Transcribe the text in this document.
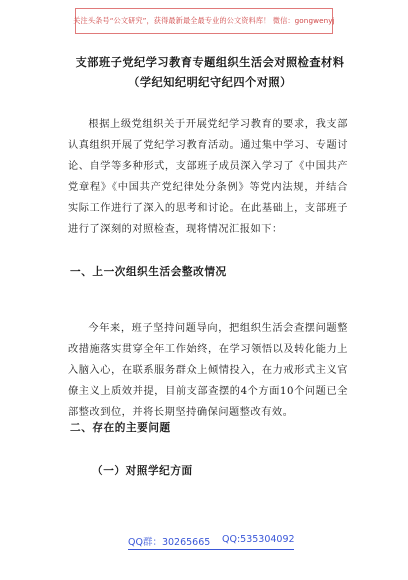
关注头条号“公文研究”，获得最新最全最专业的公文资料库！ 微信：gongwenyj
支部班子党纪学习教育专题组织生活会对照检查材料（学纪知纪明纪守纪四个对照）
根据上级党组织关于开展党纪学习教育的要求，我支部认真组织开展了党纪学习教育活动。通过集中学习、专题讨论、自学等多种形式，支部班子成员深入学习了《中国共产党章程》《中国共产党纪律处分条例》等党内法规，并结合实际工作进行了深入的思考和讨论。在此基础上，支部班子进行了深刻的对照检查，现将情况汇报如下：
一、上一次组织生活会整改情况
今年来，班子坚持问题导向，把组织生活会查摆问题整改措施落实贯穿全年工作始终，在学习领悟以及转化能力上入脑入心，在联系服务群众上倾情投入，在力戒形式主义官僚主义上质效并提，目前支部查摆的4个方面10个问题已全部整改到位，并将长期坚持确保问题整改有效。
二、存在的主要问题
（一）对照学纪方面
QQ群：30265665 QQ:535304092
